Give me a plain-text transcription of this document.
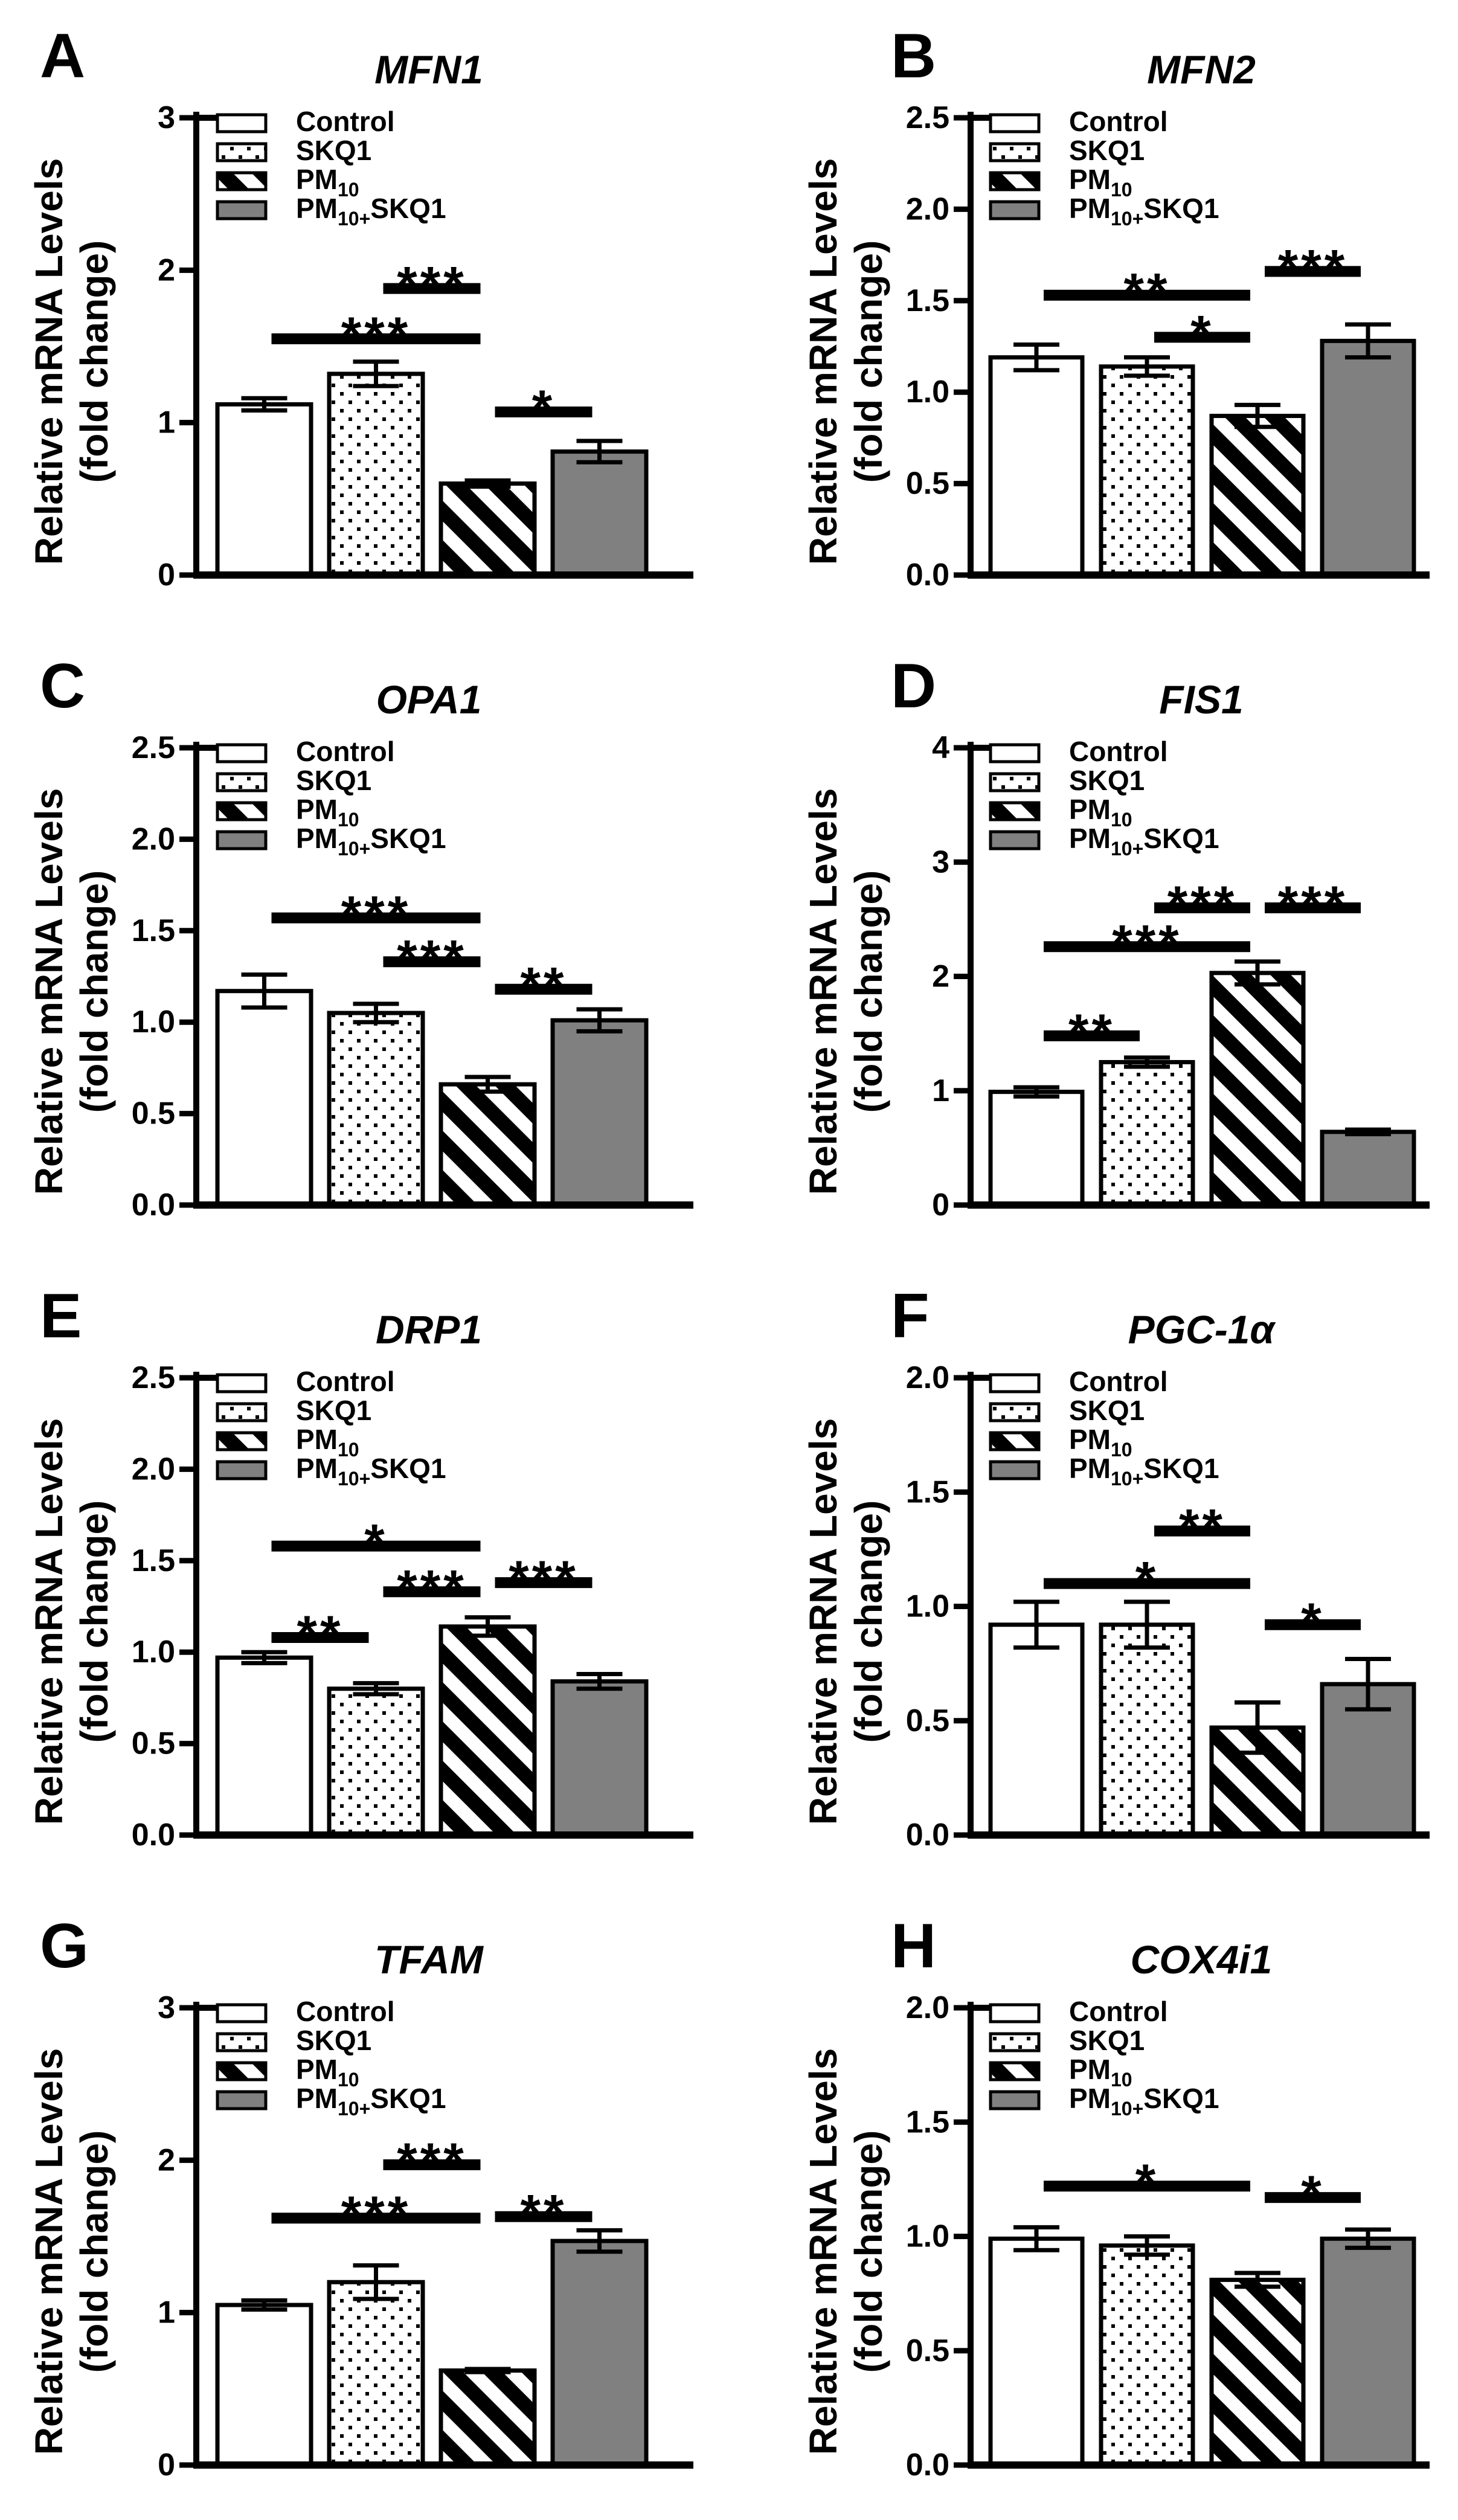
***
***
*
0
1
2
3
Relative mRNA Levels (fold change)
A	MFN1
Control
SKQ1
$PM_{10}$
$PM_{10+}SKQ1$
**
*
***
0.0
0.5
1.0
1.5
2.0
2.5
Relative mRNA Levels (fold change)
B	MFN2
Control
SKQ1
$PM_{10}$
$PM_{10+}SKQ1$
***
*** **
0.0
0.5
1.0
1.5
2.0
2.5
Relative mRNA Levels (fold change)
C	OPA1
Control
SKQ1
$PM_{10}$
$PM_{10+}SKQ1$
**
***
*** ***
0
1
2
3
4
Relative mRNA Levels (fold change)
D	FIS1
Control
SKQ1
$PM_{10}$
$PM_{10+}SKQ1$
**
*
*** ***
0.0
0.5
1.0
1.5
2.0
2.5
Relative mRNA Levels (fold change)
E	DRP1
Control
SKQ1
$PM_{10}$
$PM_{10+}SKQ1$
*
**
*
0.0
0.5
1.0
1.5
2.0
Relative mRNA Levels (fold change)
F	PGC-1α
Control
SKQ1
$PM_{10}$
$PM_{10+}SKQ1$
***
***
**
0
1
2
3
Relative mRNA Levels (fold change)
G	TFAM
Control
SKQ1
$PM_{10}$
$PM_{10+}SKQ1$
*	*
0.0
0.5
1.0
1.5
2.0
Relative mRNA Levels (fold change)
H	COX4i1
Control
SKQ1
$PM_{10}$
$PM_{10+}SKQ1$
